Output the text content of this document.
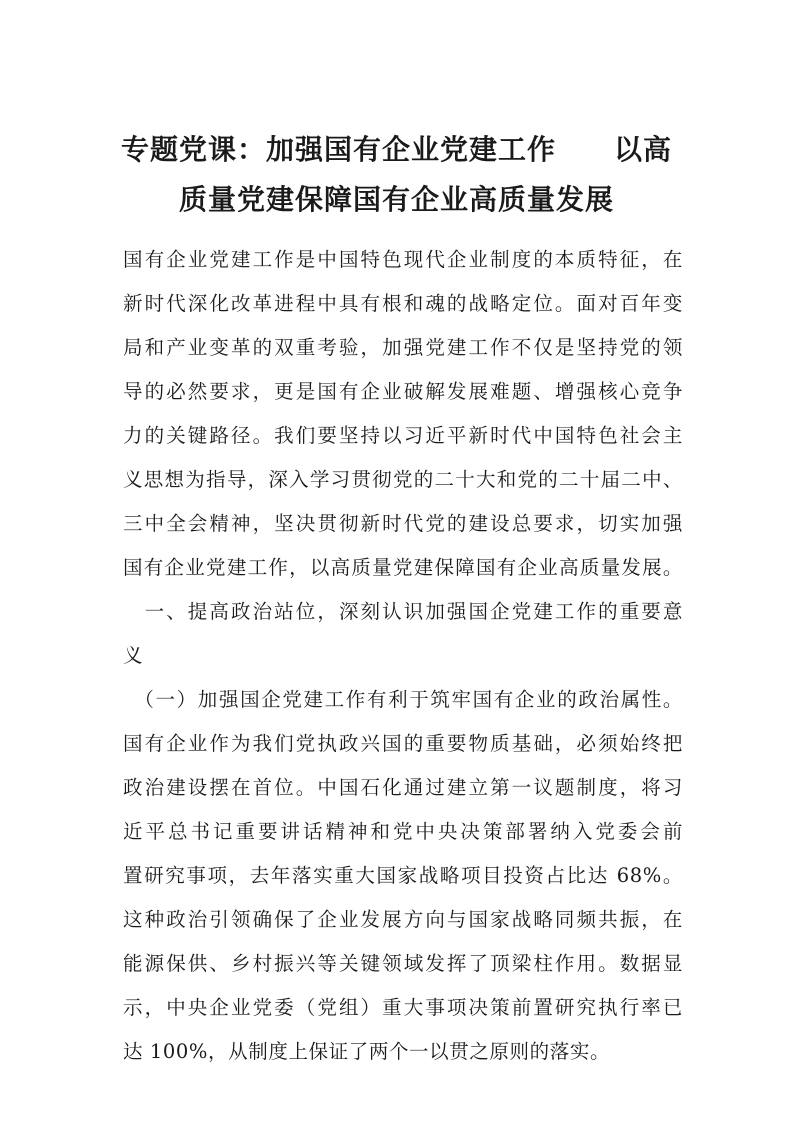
专题党课：加强国有企业党建工作　　以高
质量党建保障国有企业高质量发展

国有企业党建工作是中国特色现代企业制度的本质特征，在

新时代深化改革进程中具有根和魂的战略定位。面对百年变

局和产业变革的双重考验，加强党建工作不仅是坚持党的领

导的必然要求，更是国有企业破解发展难题、增强核心竞争

力的关键路径。我们要坚持以习近平新时代中国特色社会主

义思想为指导，深入学习贯彻党的二十大和党的二十届二中、

三中全会精神，坚决贯彻新时代党的建设总要求，切实加强

国有企业党建工作，以高质量党建保障国有企业高质量发展。

　一、提高政治站位，深刻认识加强国企党建工作的重要意

义

　（一）加强国企党建工作有利于筑牢国有企业的政治属性。

国有企业作为我们党执政兴国的重要物质基础，必须始终把

政治建设摆在首位。中国石化通过建立第一议题制度，将习

近平总书记重要讲话精神和党中央决策部署纳入党委会前

置研究事项，去年落实重大国家战略项目投资占比达 68%。

这种政治引领确保了企业发展方向与国家战略同频共振，在

能源保供、乡村振兴等关键领域发挥了顶梁柱作用。数据显

示，中央企业党委（党组）重大事项决策前置研究执行率已

达 100%，从制度上保证了两个一以贯之原则的落实。
